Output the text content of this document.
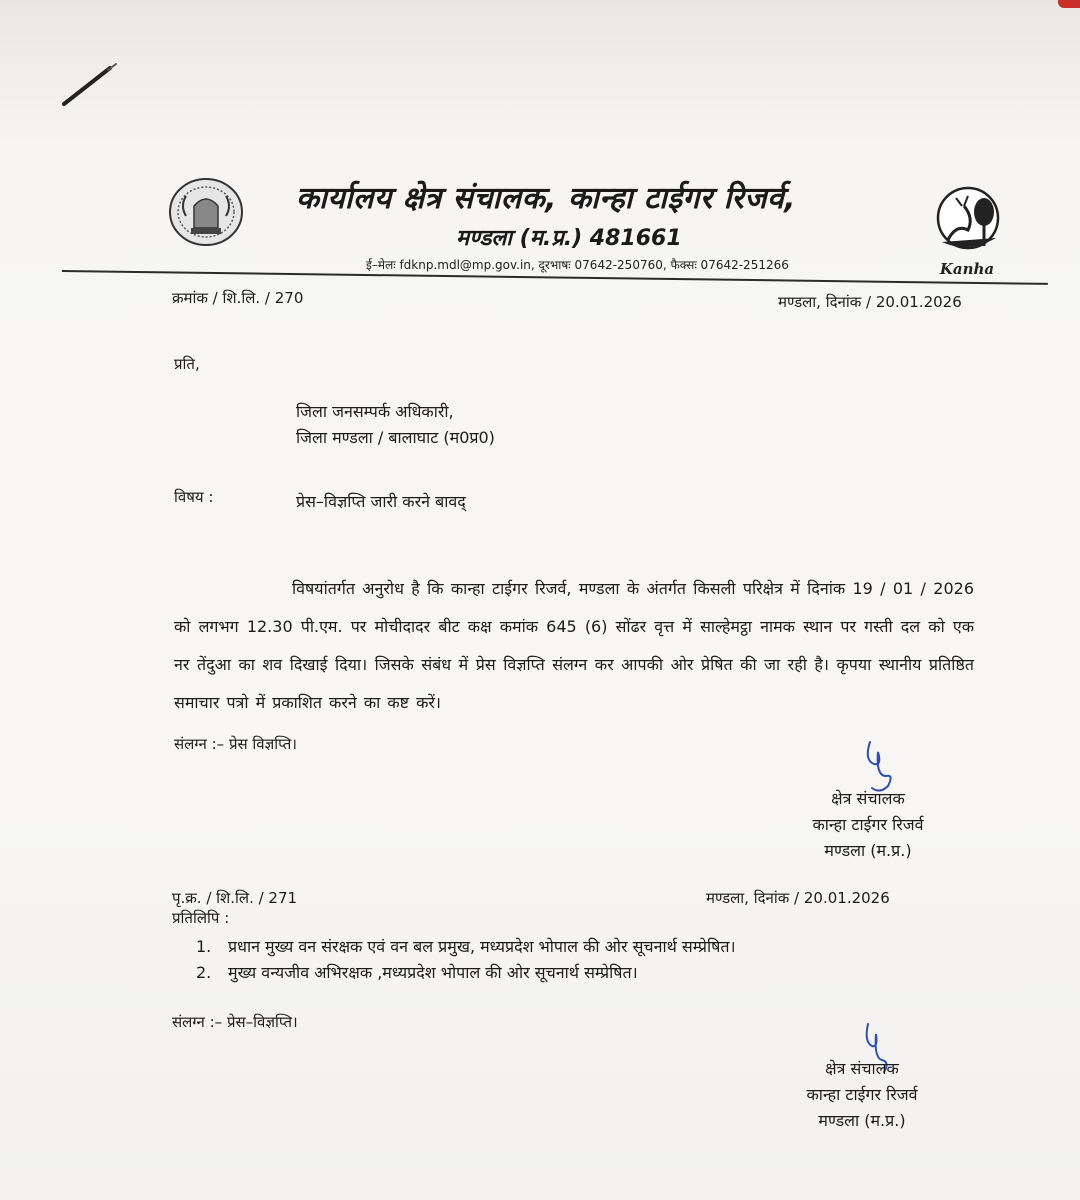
Kanha
कार्यालय क्षेत्र संचालक, कान्हा टाईगर रिजर्व,
मण्डला (म.प्र.) 481661
ई–मेलः fdknp.mdl@mp.gov.in, दूरभाषः 07642-250760, फैक्सः 07642-251266
क्रमांक / शि.लि. / 270	मण्डला, दिनांक / 20.01.2026
प्रति,
जिला जनसम्पर्क अधिकारी,
जिला मण्डला / बालाघाट (म0प्र0)
विषय :	प्रेस–विज्ञप्ति जारी करने बावद्
विषयांतर्गत अनुरोध है कि कान्हा टाईगर रिजर्व, मण्डला के अंतर्गत किसली परिक्षेत्र में दिनांक 19 / 01 / 2026 को लगभग 12.30 पी.एम. पर मोचीदादर बीट कक्ष कमांक 645 (6) सोंढर वृत्त में साल्हेमट्ठा नामक स्थान पर गस्ती दल को एक नर तेंदुआ का शव दिखाई दिया। जिसके संबंध में प्रेस विज्ञप्ति संलग्न कर आपकी ओर प्रेषित की जा रही है। कृपया स्थानीय प्रतिष्ठित समाचार पत्रो में प्रकाशित करने का कष्ट करें।
संलग्न :– प्रेस विज्ञप्ति।
क्षेत्र संचालक
कान्हा टाईगर रिजर्व
मण्डला (म.प्र.)
पृ.क्र. / शि.लि. / 271	मण्डला, दिनांक / 20.01.2026
प्रतिलिपि :
1. प्रधान मुख्य वन संरक्षक एवं वन बल प्रमुख, मध्यप्रदेश भोपाल की ओर सूचनार्थ सम्प्रेषित।
2. मुख्य वन्यजीव अभिरक्षक ,मध्यप्रदेश भोपाल की ओर सूचनार्थ सम्प्रेषित।
संलग्न :– प्रेस–विज्ञप्ति।
क्षेत्र संचालक
कान्हा टाईगर रिजर्व
मण्डला (म.प्र.)
